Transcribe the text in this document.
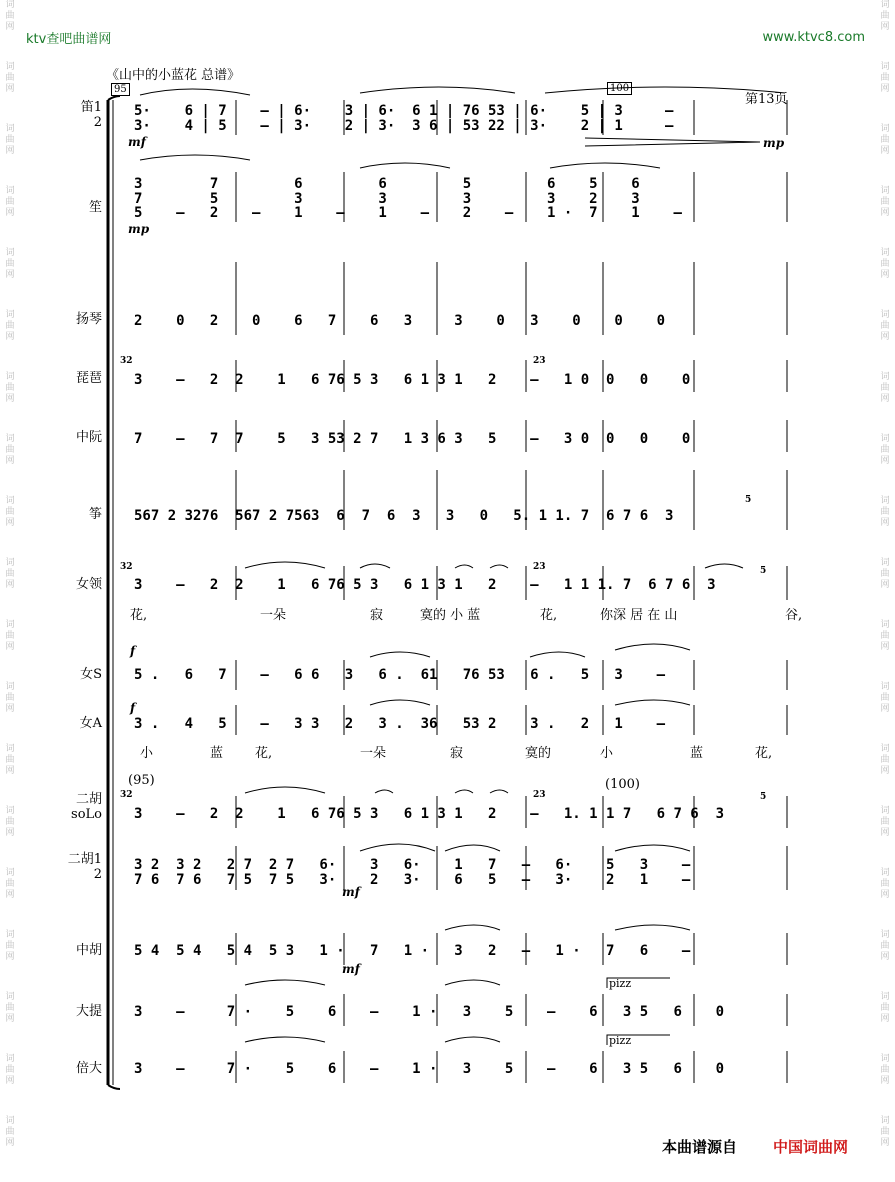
词
曲
网
词
曲
网
词
曲
网
词
曲
网
词
曲
网
词
曲
网
词
曲
网
词
曲
网
词
曲
网
词
曲
网
词
曲
网
词
曲
网
词
曲
网
词
曲
网
词
曲
网
词
曲
网
词
曲
网
词
曲
网
词
曲
网
词
曲
网
词
曲
网
词
曲
网
词
曲
网
词
曲
网
词
曲
网
词
曲
网
词
曲
网
词
曲
网
词
曲
网
词
曲
网
词
曲
网
词
曲
网
词
曲
网
词
曲
网
词
曲
网
词
曲
网
词
曲
网
词
曲
网
ktv查吧曲谱网	www.ktvc8.com
《山中的小蓝花 总谱》
第13页
95	100
笛1
2
笙
扬琴
琵琶
中阮
筝
女领
女S
女A
二胡
soLo
二胡1
2
中胡
大提
倍大
5·    6 | 7    – | 6·    3 | 6·  6 1 | 76 53 | 6·    5 | 3     –
3·    4 | 5    – | 3·    2 | 3·  3 6 | 53 22 | 3·    2 | 1     –
mf	mp
3        7         6         6         5         6    5    6
7        5         3         3         3         3    2    3
5    –   2    –    1    –    1    –    2    –    1 ·  7    1    –
mp
2    0   2    0    6   7    6   3     3    0   3    0    0    0
3    –   2  2    1   6 76 5 3   6 1 3 1   2    –   1 0  0   0    0
7    –   7  7    5   3 53 2 7   1 3 6 3   5    –   3 0  0   0    0
567 2 3276  567 2 7563  6  7  6  3   3   0   5. 1 1. 7  6 7 6  3
3    –   2  2    1   6 76 5 3   6 1 3 1   2    –   1 1 1. 7  6 7 6  3
花,	一朵	寂	寞的 小 蓝	花,	你深 居 在 山	谷,
f
5 .   6   7    –   6 6   3   6 .  61   76 53   6 .   5   3    –
f
3 .   4   5    –   3 3   2   3 .  36   53 2    3 .   2   1    –
小	蓝 花,	一朵	寂	寞的	小	蓝	花,
(95)	(100)
3    –   2  2    1   6 76 5 3   6 1 3 1   2    –   1. 1 1 7   6 7 6  3
3 2  3 2   2 7  2 7   6·    3   6·    1   7   –   6·    5   3    –
7 6  7 6   7 5  7 5   3·    2   3·    6   5   –   3·    2   1    –
mf
5 4  5 4   5 4  5 3   1 ·   7   1 ·   3   2   –   1 ·   7   6    –
mf
pizz
3    –     7 ·    5    6    –    1 ·   3    5    –    6   3 5   6    0
pizz
3    –     7 ·    5    6    –    1 ·   3    5    –    6   3 5   6    0
32
32
32
23
23
23
5
5
5
本曲谱源自 中国词曲网
